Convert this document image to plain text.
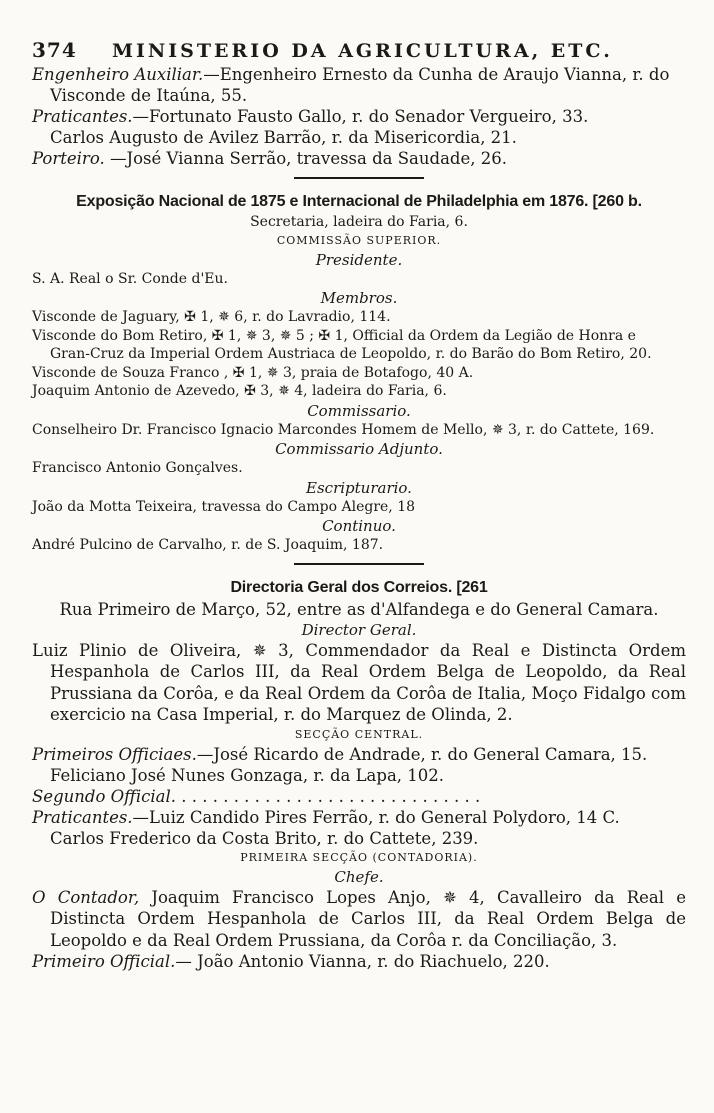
374	MINISTERIO DA AGRICULTURA, ETC.
Engenheiro Auxiliar.—Engenheiro Ernesto da Cunha de Araujo Vianna, r. do
Visconde de Itaúna, 55.
Praticantes.—Fortunato Fausto Gallo, r. do Senador Vergueiro, 33.
Carlos Augusto de Avilez Barrão, r. da Misericordia, 21.
Porteiro. —José Vianna Serrão, travessa da Saudade, 26.
Exposição Nacional de 1875 e Internacional de Philadelphia em 1876. [260 b.
Secretaria, ladeira do Faria, 6.
COMMISSÃO SUPERIOR.
Presidente.
S. A. Real o Sr. Conde d'Eu.
Membros.
Visconde de Jaguary, ✠ 1, ✵ 6, r. do Lavradio, 114.
Visconde do Bom Retiro, ✠ 1, ✵ 3, ✵ 5 ; ✠ 1, Official da Ordem da Legião de Honra e
Gran-Cruz da Imperial Ordem Austriaca de Leopoldo, r. do Barão do Bom Retiro, 20.
Visconde de Souza Franco , ✠ 1, ✵ 3, praia de Botafogo, 40 A.
Joaquim Antonio de Azevedo, ✠ 3, ✵ 4, ladeira do Faria, 6.
Commissario.
Conselheiro Dr. Francisco Ignacio Marcondes Homem de Mello, ✵ 3, r. do Cattete, 169.
Commissario Adjunto.
Francisco Antonio Gonçalves.
Escripturario.
João da Motta Teixeira, travessa do Campo Alegre, 18
Continuo.
André Pulcino de Carvalho, r. de S. Joaquim, 187.
Directoria Geral dos Correios. [261
Rua Primeiro de Março, 52, entre as d'Alfandega e do General Camara.
Director Geral.
Luiz Plinio de Oliveira, ✵ 3, Commendador da Real e Distincta Ordem Hespanhola de Carlos III, da Real Ordem Belga de Leopoldo, da Real Prussiana da Corôa, e da Real Ordem da Corôa de Italia, Moço Fidalgo com exercicio na Casa Imperial, r. do Marquez de Olinda, 2.
SECÇÃO CENTRAL.
Primeiros Officiaes.—José Ricardo de Andrade, r. do General Camara, 15.
Feliciano José Nunes Gonzaga, r. da Lapa, 102.
Segundo Official. . . . . . . . . . . . . . . . . . . . . . . . . . . . . .
Praticantes.—Luiz Candido Pires Ferrão, r. do General Polydoro, 14 C.
Carlos Frederico da Costa Brito, r. do Cattete, 239.
PRIMEIRA SECÇÃO (CONTADORIA).
Chefe.
O Contador, Joaquim Francisco Lopes Anjo, ✵ 4, Cavalleiro da Real e Distincta Ordem Hespanhola de Carlos III, da Real Ordem Belga de Leopoldo e da Real Ordem Prussiana, da Corôa r. da Conciliação, 3.
Primeiro Official.— João Antonio Vianna, r. do Riachuelo, 220.
